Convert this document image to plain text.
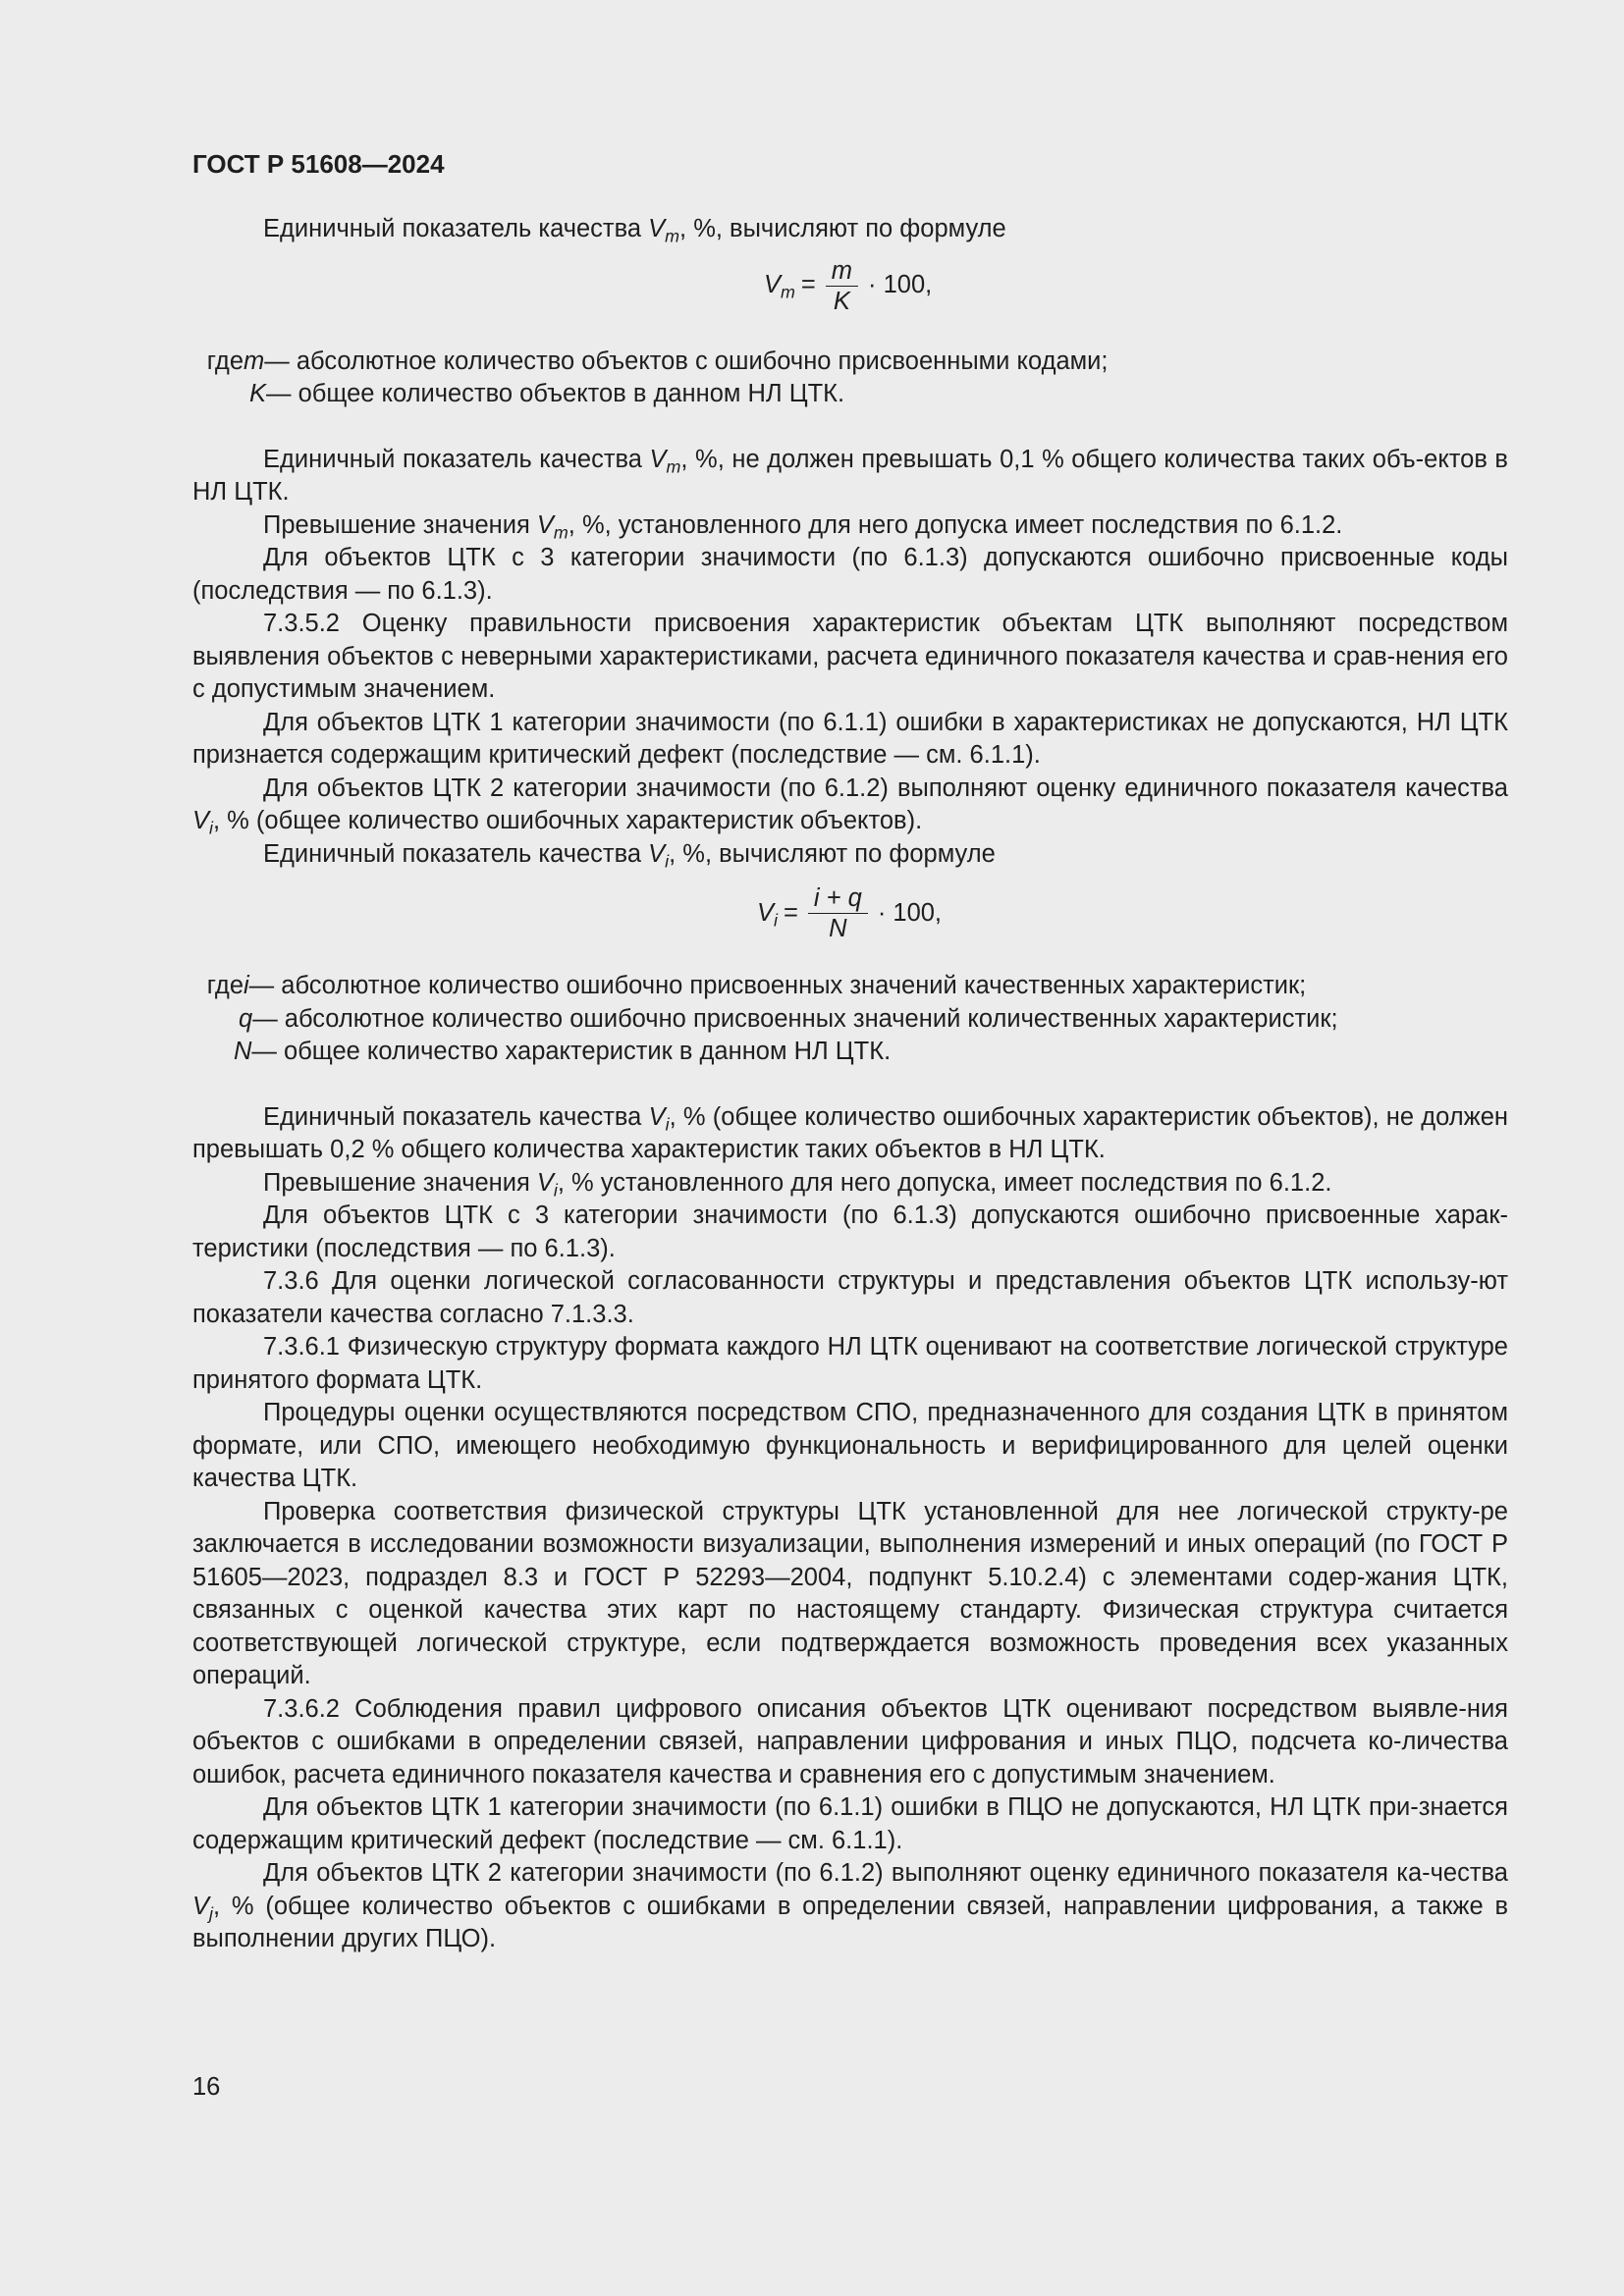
ГОСТ Р 51608—2024

Единичный показатель качества $V_m$, %, вычисляют по формуле

$V_m = \frac{m}{K} \cdot 100$,
где m — абсолютное количество объектов с ошибочно присвоенными кодами;
K — общее количество объектов в данном НЛ ЦТК.

Единичный показатель качества $V_m$, %, не должен превышать 0,1 % общего количества таких объ-ектов в НЛ ЦТК.

Превышение значения $V_m$, %, установленного для него допуска имеет последствия по 6.1.2.

Для объектов ЦТК с 3 категории значимости (по 6.1.3) допускаются ошибочно присвоенные коды (последствия — по 6.1.3).

7.3.5.2 Оценку правильности присвоения характеристик объектам ЦТК выполняют посредством выявления объектов с неверными характеристиками, расчета единичного показателя качества и срав-нения его с допустимым значением.

Для объектов ЦТК 1 категории значимости (по 6.1.1) ошибки в характеристиках не допускаются, НЛ ЦТК признается содержащим критический дефект (последствие — см. 6.1.1).

Для объектов ЦТК 2 категории значимости (по 6.1.2) выполняют оценку единичного показателя качества $V_i$, % (общее количество ошибочных характеристик объектов).

Единичный показатель качества $V_i$, %, вычисляют по формуле

$V_i = \frac{i + q}{N} \cdot 100$,
где i — абсолютное количество ошибочно присвоенных значений качественных характеристик;
q — абсолютное количество ошибочно присвоенных значений количественных характеристик;
N — общее количество характеристик в данном НЛ ЦТК.

Единичный показатель качества $V_i$, % (общее количество ошибочных характеристик объектов), не должен превышать 0,2 % общего количества характеристик таких объектов в НЛ ЦТК.

Превышение значения $V_i$, % установленного для него допуска, имеет последствия по 6.1.2.

Для объектов ЦТК с 3 категории значимости (по 6.1.3) допускаются ошибочно присвоенные харак-теристики (последствия — по 6.1.3).

7.3.6 Для оценки логической согласованности структуры и представления объектов ЦТК использу-ют показатели качества согласно 7.1.3.3.

7.3.6.1 Физическую структуру формата каждого НЛ ЦТК оценивают на соответствие логической структуре принятого формата ЦТК.

Процедуры оценки осуществляются посредством СПО, предназначенного для создания ЦТК в принятом формате, или СПО, имеющего необходимую функциональность и верифицированного для целей оценки качества ЦТК.

Проверка соответствия физической структуры ЦТК установленной для нее логической структу-ре заключается в исследовании возможности визуализации, выполнения измерений и иных операций (по ГОСТ Р 51605—2023, подраздел 8.3 и ГОСТ Р 52293—2004, подпункт 5.10.2.4) с элементами содер-жания ЦТК, связанных с оценкой качества этих карт по настоящему стандарту. Физическая структура считается соответствующей логической структуре, если подтверждается возможность проведения всех указанных операций.

7.3.6.2 Соблюдения правил цифрового описания объектов ЦТК оценивают посредством выявле-ния объектов с ошибками в определении связей, направлении цифрования и иных ПЦО, подсчета ко-личества ошибок, расчета единичного показателя качества и сравнения его с допустимым значением.

Для объектов ЦТК 1 категории значимости (по 6.1.1) ошибки в ПЦО не допускаются, НЛ ЦТК при-знается содержащим критический дефект (последствие — см. 6.1.1).

Для объектов ЦТК 2 категории значимости (по 6.1.2) выполняют оценку единичного показателя ка-чества $V_j$, % (общее количество объектов с ошибками в определении связей, направлении цифрования, а также в выполнении других ПЦО).

16
